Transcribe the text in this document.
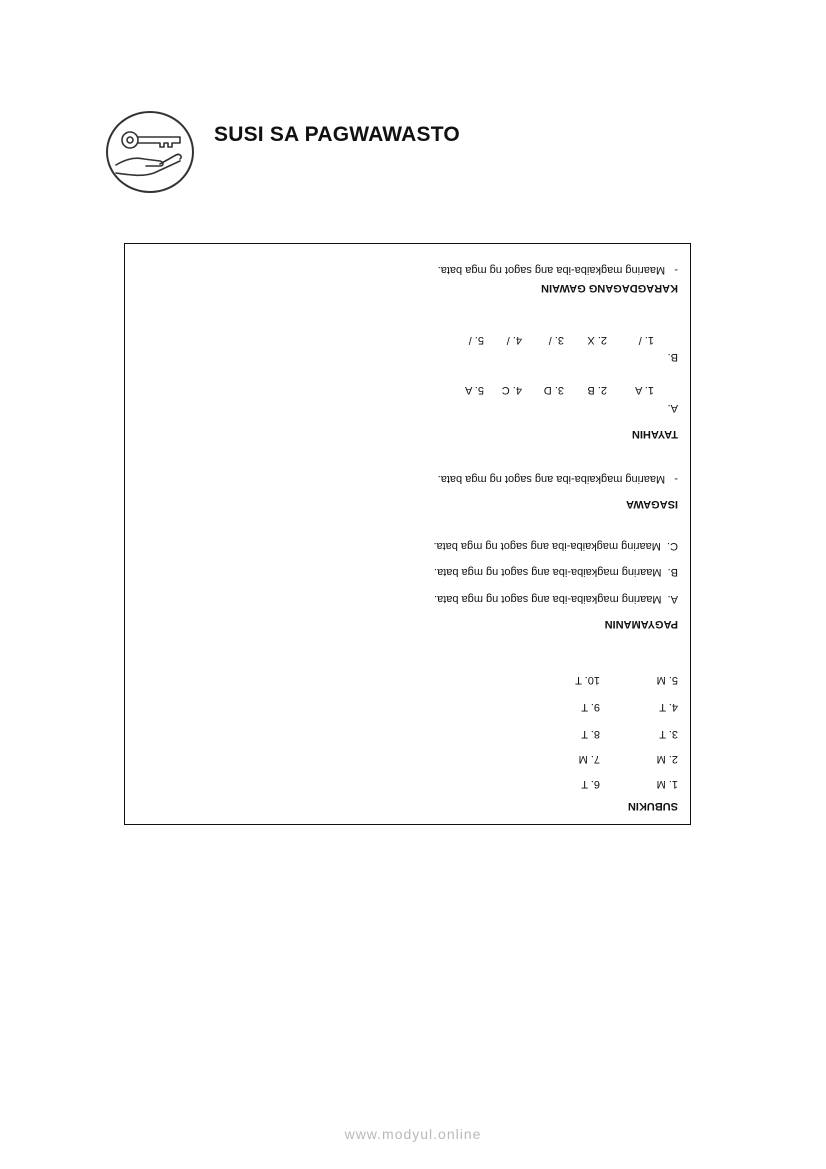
SUSI SA PAGWAWASTO
SUBUKIN
1. M
2. M
3. T
4. T
5. M
6. T
7. M
8. T
9. T
10. T
PAGYAMANIN
A.  Maaring magkaiba-iba ang sagot ng mga bata.
B.  Maaring magkaiba-iba ang sagot ng mga bata.
C.  Maaring magkaiba-iba ang sagot ng mga bata.
ISAGAWA
-   Maaring magkaiba-iba ang sagot ng mga bata.
TAYAHIN
A.
1. A
2. B
3. D
4. C
5. A
B.
1. /
2. X
3. /
4. /
5. /
KARAGDAGANG GAWAIN
-   Maaring magkaiba-iba ang sagot ng mga bata.
www.modyul.online
